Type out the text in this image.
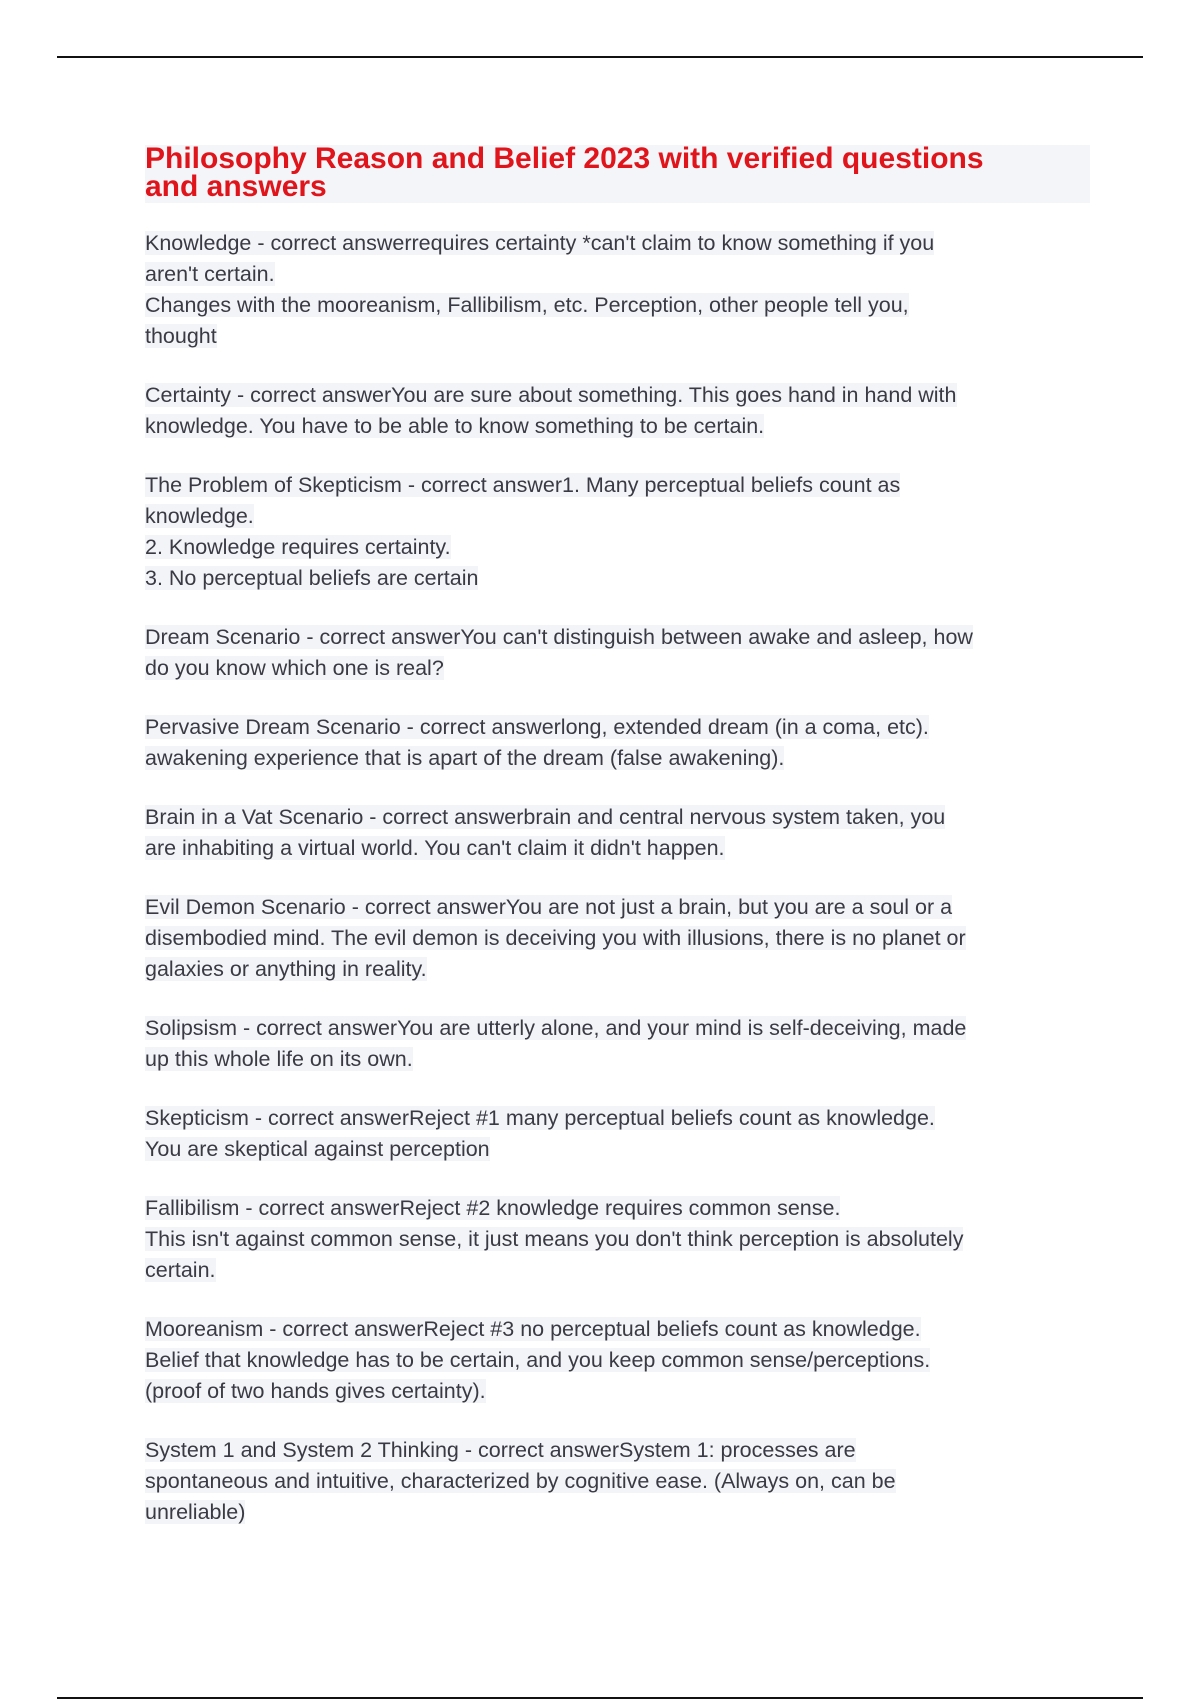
Philosophy Reason and Belief 2023 with verified questions
and answers
Knowledge - correct answerrequires certainty *can't claim to know something if you
aren't certain.
Changes with the mooreanism, Fallibilism, etc. Perception, other people tell you,
thought
Certainty - correct answerYou are sure about something. This goes hand in hand with
knowledge. You have to be able to know something to be certain.
The Problem of Skepticism - correct answer1. Many perceptual beliefs count as
knowledge.
2. Knowledge requires certainty.
3. No perceptual beliefs are certain
Dream Scenario - correct answerYou can't distinguish between awake and asleep, how
do you know which one is real?
Pervasive Dream Scenario - correct answerlong, extended dream (in a coma, etc).
awakening experience that is apart of the dream (false awakening).
Brain in a Vat Scenario - correct answerbrain and central nervous system taken, you
are inhabiting a virtual world. You can't claim it didn't happen.
Evil Demon Scenario - correct answerYou are not just a brain, but you are a soul or a
disembodied mind. The evil demon is deceiving you with illusions, there is no planet or
galaxies or anything in reality.
Solipsism - correct answerYou are utterly alone, and your mind is self-deceiving, made
up this whole life on its own.
Skepticism - correct answerReject #1 many perceptual beliefs count as knowledge.
You are skeptical against perception
Fallibilism - correct answerReject #2 knowledge requires common sense.
This isn't against common sense, it just means you don't think perception is absolutely
certain.
Mooreanism - correct answerReject #3 no perceptual beliefs count as knowledge.
Belief that knowledge has to be certain, and you keep common sense/perceptions.
(proof of two hands gives certainty).
System 1 and System 2 Thinking - correct answerSystem 1: processes are
spontaneous and intuitive, characterized by cognitive ease. (Always on, can be
unreliable)
